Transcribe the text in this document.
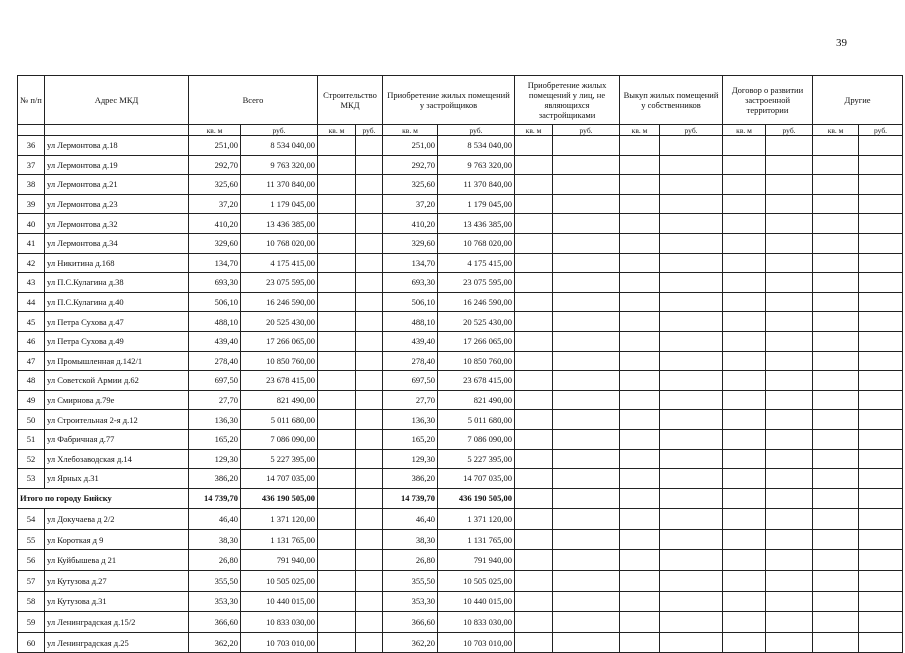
39
№ п/п	Адрес МКД	Всего		Строительство МКД		Приобретение жилых помещений у застройщиков		Приобретение жилых помещений у лиц, не являющихся застройщиками		Выкуп жилых помещений у собственников		Договор о развитии застроенной территории		Другие	
		кв. м	руб.	кв. м	руб.	кв. м	руб.	кв. м	руб.	кв. м	руб.	кв. м	руб.	кв. м	руб.
36	ул Лермонтова д.18	251,00	8 534 040,00			251,00	8 534 040,00								
37	ул Лермонтова д.19	292,70	9 763 320,00			292,70	9 763 320,00								
38	ул Лермонтова д.21	325,60	11 370 840,00			325,60	11 370 840,00								
39	ул Лермонтова д.23	37,20	1 179 045,00			37,20	1 179 045,00								
40	ул Лермонтова д.32	410,20	13 436 385,00			410,20	13 436 385,00								
41	ул Лермонтова д.34	329,60	10 768 020,00			329,60	10 768 020,00								
42	ул Никитина д.168	134,70	4 175 415,00			134,70	4 175 415,00								
43	ул П.С.Кулагина д.38	693,30	23 075 595,00			693,30	23 075 595,00								
44	ул П.С.Кулагина д.40	506,10	16 246 590,00			506,10	16 246 590,00								
45	ул Петра Сухова д.47	488,10	20 525 430,00			488,10	20 525 430,00								
46	ул Петра Сухова д.49	439,40	17 266 065,00			439,40	17 266 065,00								
47	ул Промышленная д.142/1	278,40	10 850 760,00			278,40	10 850 760,00								
48	ул Советской Армии д.62	697,50	23 678 415,00			697,50	23 678 415,00								
49	ул Смирнова д.79е	27,70	821 490,00			27,70	821 490,00								
50	ул Строительная 2-я д.12	136,30	5 011 680,00			136,30	5 011 680,00								
51	ул Фабричная д.77	165,20	7 086 090,00			165,20	7 086 090,00								
52	ул Хлебозаводская д.14	129,30	5 227 395,00			129,30	5 227 395,00								
53	ул Ярных д.31	386,20	14 707 035,00			386,20	14 707 035,00								
Итого по городу Бийску		14 739,70	436 190 505,00			14 739,70	436 190 505,00								
54	ул Докучаева д 2/2	46,40	1 371 120,00			46,40	1 371 120,00								
55	ул Короткая д 9	38,30	1 131 765,00			38,30	1 131 765,00								
56	ул Куйбышева д 21	26,80	791 940,00			26,80	791 940,00								
57	ул Кутузова д.27	355,50	10 505 025,00			355,50	10 505 025,00								
58	ул Кутузова д.31	353,30	10 440 015,00			353,30	10 440 015,00								
59	ул Ленинградская д.15/2	366,60	10 833 030,00			366,60	10 833 030,00								
60	ул Ленинградская д.25	362,20	10 703 010,00			362,20	10 703 010,00								
